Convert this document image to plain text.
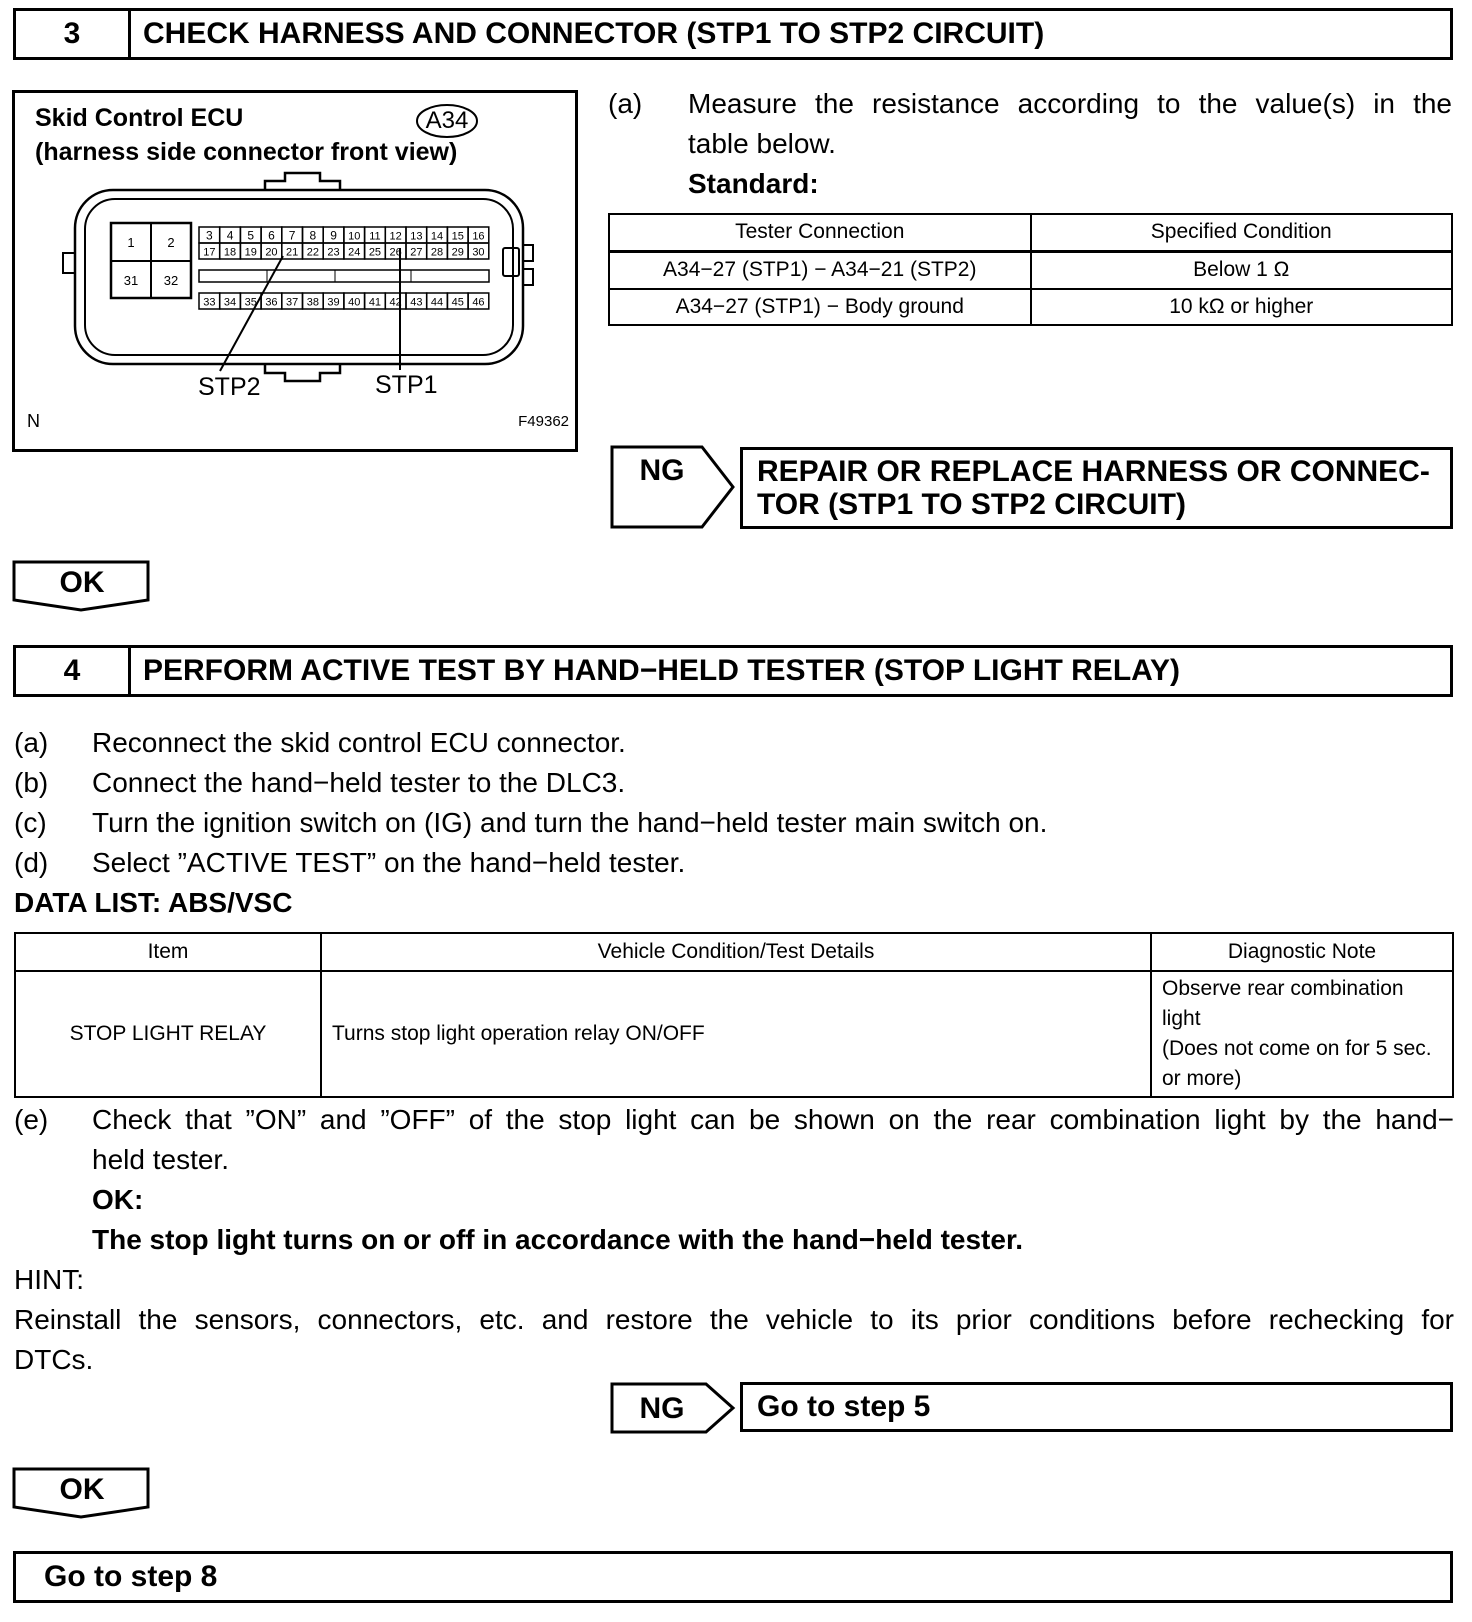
3	CHECK HARNESS AND CONNECTOR (STP1 TO STP2 CIRCUIT)
3 4 5 6 7 8 9 10 11 12 13 14 15 16
17 18 19 20 21 22 23 24 25 26 27 28 29 30
33 34 35 36 37 38 39 40 41 42 43 44 45 46
1	2
31 32
Skid Control ECU
(harness side connector front view)
A34
STP2	STP1
N	F49362
(a) Measure the resistance according to the value(s) in the
table below.
Standard:
Tester Connection	Specified Condition
A34−27 (STP1) − A34−21 (STP2)	Below 1 Ω
A34−27 (STP1) − Body ground	10 kΩ or higher
NG	REPAIR OR REPLACE HARNESS OR CONNEC-
TOR (STP1 TO STP2 CIRCUIT)
OK
4	PERFORM ACTIVE TEST BY HAND−HELD TESTER (STOP LIGHT RELAY)
(a)	Reconnect the skid control ECU connector.
(b)	Connect the hand−held tester to the DLC3.
(c)	Turn the ignition switch on (IG) and turn the hand−held tester main switch on.
(d)	Select ”ACTIVE TEST” on the hand−held tester.
DATA LIST: ABS/VSC
Item	Vehicle Condition/Test Details	Diagnostic Note
STOP LIGHT RELAY	Turns stop light operation relay ON/OFF	Observe rear combination
light
(Does not come on for 5 sec.
or more)
(e) Check that ”ON” and ”OFF” of the stop light can be shown on the rear combination light by the hand−
held tester.
OK:
The stop light turns on or off in accordance with the hand−held tester.
HINT:
Reinstall the sensors, connectors, etc. and restore the vehicle to its prior conditions before rechecking for
DTCs.
NG	Go to step 5
OK
Go to step 8
